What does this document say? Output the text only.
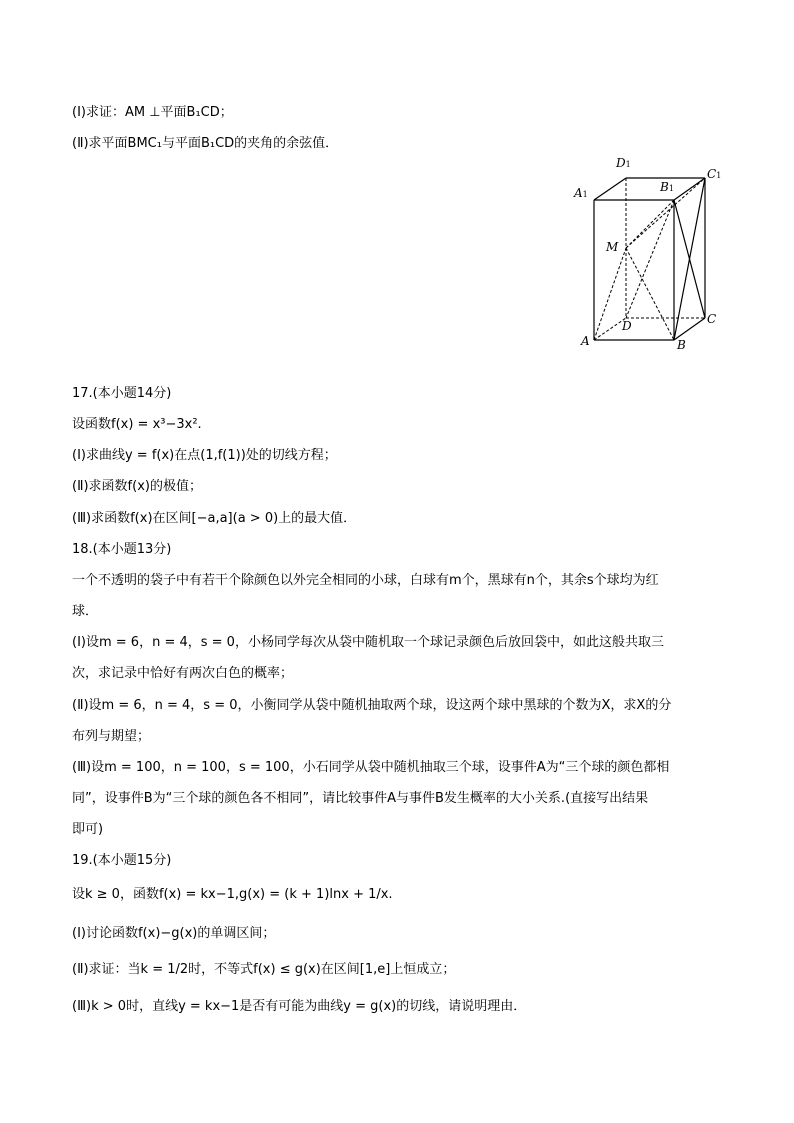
(Ⅰ)求证：AM ⊥平面B₁CD；
(Ⅱ)求平面BMC₁与平面B₁CD的夹角的余弦值．
A1
D1
B1
C1
M
D	C
A	B
17.(本小题14分)
设函数f(x) = x³−3x².
(Ⅰ)求曲线y = f(x)在点(1,f(1))处的切线方程；
(Ⅱ)求函数f(x)的极值；
(Ⅲ)求函数f(x)在区间[−a,a](a > 0)上的最大值．
18.(本小题13分)
一个不透明的袋子中有若干个除颜色以外完全相同的小球，白球有m个，黑球有n个，其余s个球均为红
球．
(Ⅰ)设m = 6，n = 4，s = 0，小杨同学每次从袋中随机取一个球记录颜色后放回袋中，如此这般共取三
次，求记录中恰好有两次白色的概率；
(Ⅱ)设m = 6，n = 4，s = 0，小衡同学从袋中随机抽取两个球，设这两个球中黑球的个数为X，求X的分
布列与期望；
(Ⅲ)设m = 100，n = 100，s = 100，小石同学从袋中随机抽取三个球，设事件A为“三个球的颜色都相
同”，设事件B为“三个球的颜色各不相同”，请比较事件A与事件B发生概率的大小关系.(直接写出结果
即可)
19.(本小题15分)
设k ≥ 0，函数f(x) = kx−1,g(x) = (k + 1)lnx + 1/x.
(Ⅰ)讨论函数f(x)−g(x)的单调区间；
(Ⅱ)求证：当k = 1/2时，不等式f(x) ≤ g(x)在区间[1,e]上恒成立；
(Ⅲ)k > 0时，直线y = kx−1是否有可能为曲线y = g(x)的切线，请说明理由．
